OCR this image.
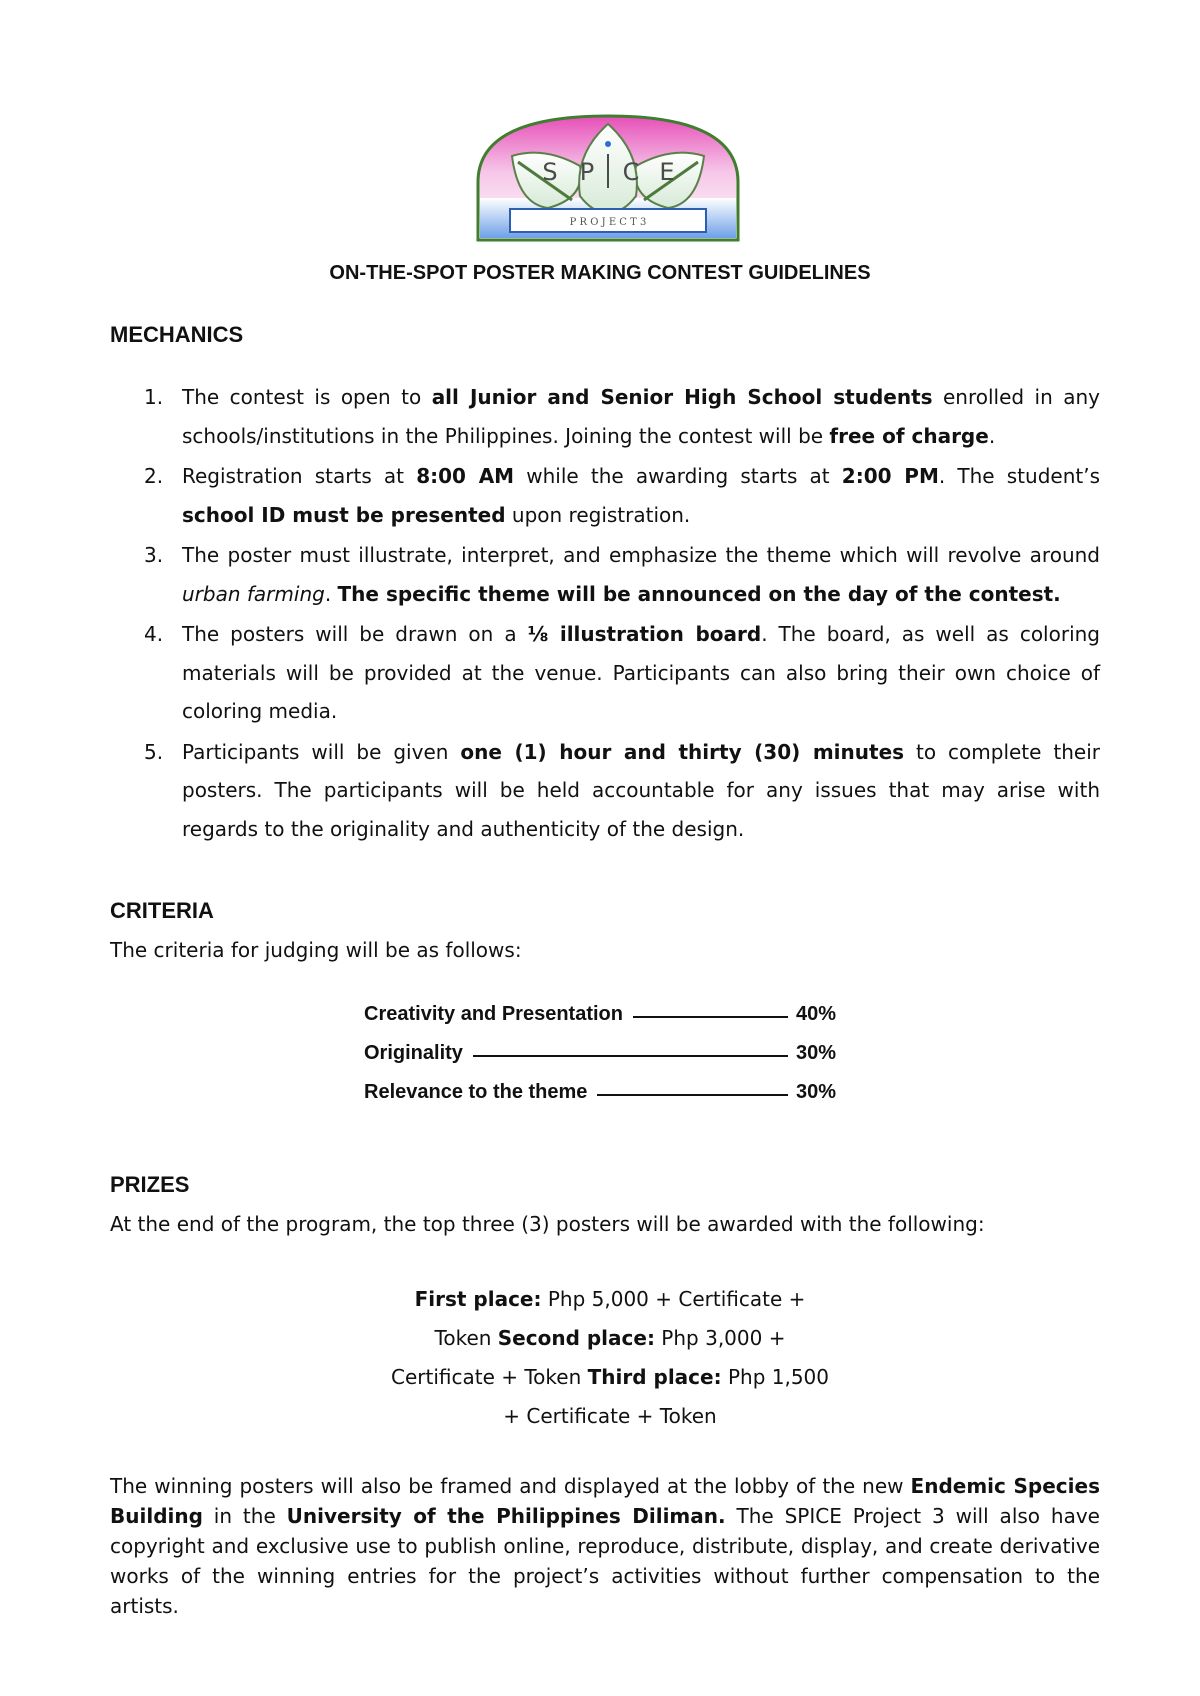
S P C E
P R O J E C T 3
ON-THE-SPOT POSTER MAKING CONTEST GUIDELINES
MECHANICS
1. The contest is open to all Junior and Senior High School students enrolled in any schools/institutions in the Philippines. Joining the contest will be free of charge.
2. Registration starts at 8:00 AM while the awarding starts at 2:00 PM. The student’s school ID must be presented upon registration.
3. The poster must illustrate, interpret, and emphasize the theme which will revolve around urban farming. The specific theme will be announced on the day of the contest.
4. The posters will be drawn on a ⅛ illustration board. The board, as well as coloring materials will be provided at the venue. Participants can also bring their own choice of coloring media.
5. Participants will be given one (1) hour and thirty (30) minutes to complete their posters. The participants will be held accountable for any issues that may arise with regards to the originality and authenticity of the design.
CRITERIA
The criteria for judging will be as follows:
Creativity and Presentation	40%
Originality	30%
Relevance to the theme	30%
PRIZES
At the end of the program, the top three (3) posters will be awarded with the following:
First place: Php 5,000 + Certificate +
Token Second place: Php 3,000 +
Certificate + Token Third place: Php 1,500
+ Certificate + Token
The winning posters will also be framed and displayed at the lobby of the new Endemic Species Building in the University of the Philippines Diliman. The SPICE Project 3 will also have copyright and exclusive use to publish online, reproduce, distribute, display, and create derivative works of the winning entries for the project’s activities without further compensation to the artists.
